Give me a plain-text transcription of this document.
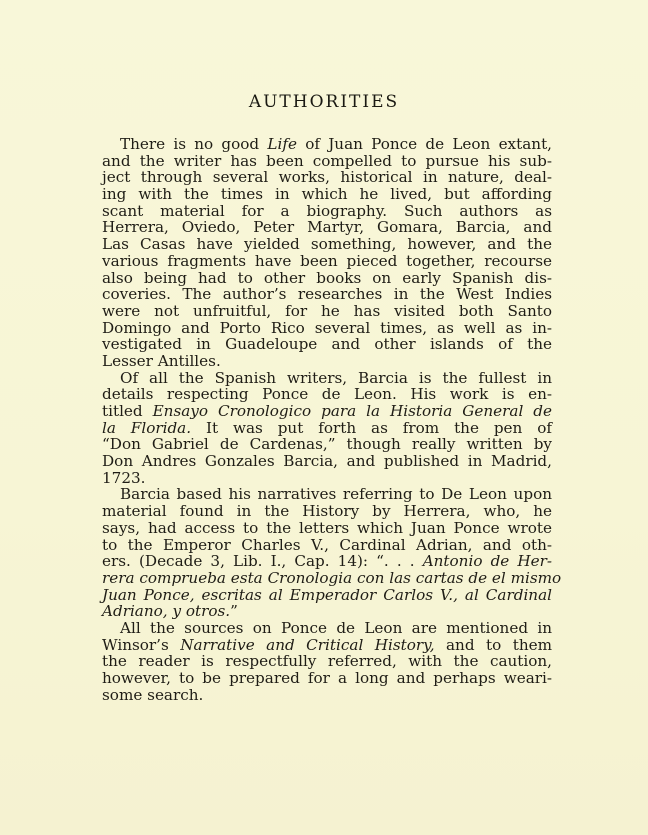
AUTHORITIES
There is no good Life of Juan Ponce de Leon extant,
and the writer has been compelled to pursue his sub-
ject through several works, historical in nature, deal-
ing with the times in which he lived, but affording
scant material for a biography. Such authors as
Herrera, Oviedo, Peter Martyr, Gomara, Barcia, and
Las Casas have yielded something, however, and the
various fragments have been pieced together, recourse
also being had to other books on early Spanish dis-
coveries. The author’s researches in the West Indies
were not unfruitful, for he has visited both Santo
Domingo and Porto Rico several times, as well as in-
vestigated in Guadeloupe and other islands of the
Lesser Antilles.
Of all the Spanish writers, Barcia is the fullest in
details respecting Ponce de Leon. His work is en-
titled Ensayo Cronologico para la Historia General de
la Florida. It was put forth as from the pen of
“Don Gabriel de Cardenas,” though really written by
Don Andres Gonzales Barcia, and published in Madrid,
1723.
Barcia based his narratives referring to De Leon upon
material found in the History by Herrera, who, he
says, had access to the letters which Juan Ponce wrote
to the Emperor Charles V., Cardinal Adrian, and oth-
ers. (Decade 3, Lib. I., Cap. 14): “. . . Antonio de Her-
rera comprueba esta Cronologia con las cartas de el mismo
Juan Ponce, escritas al Emperador Carlos V., al Cardinal
Adriano, y otros.”
All the sources on Ponce de Leon are mentioned in
Winsor’s Narrative and Critical History, and to them
the reader is respectfully referred, with the caution,
however, to be prepared for a long and perhaps weari-
some search.
